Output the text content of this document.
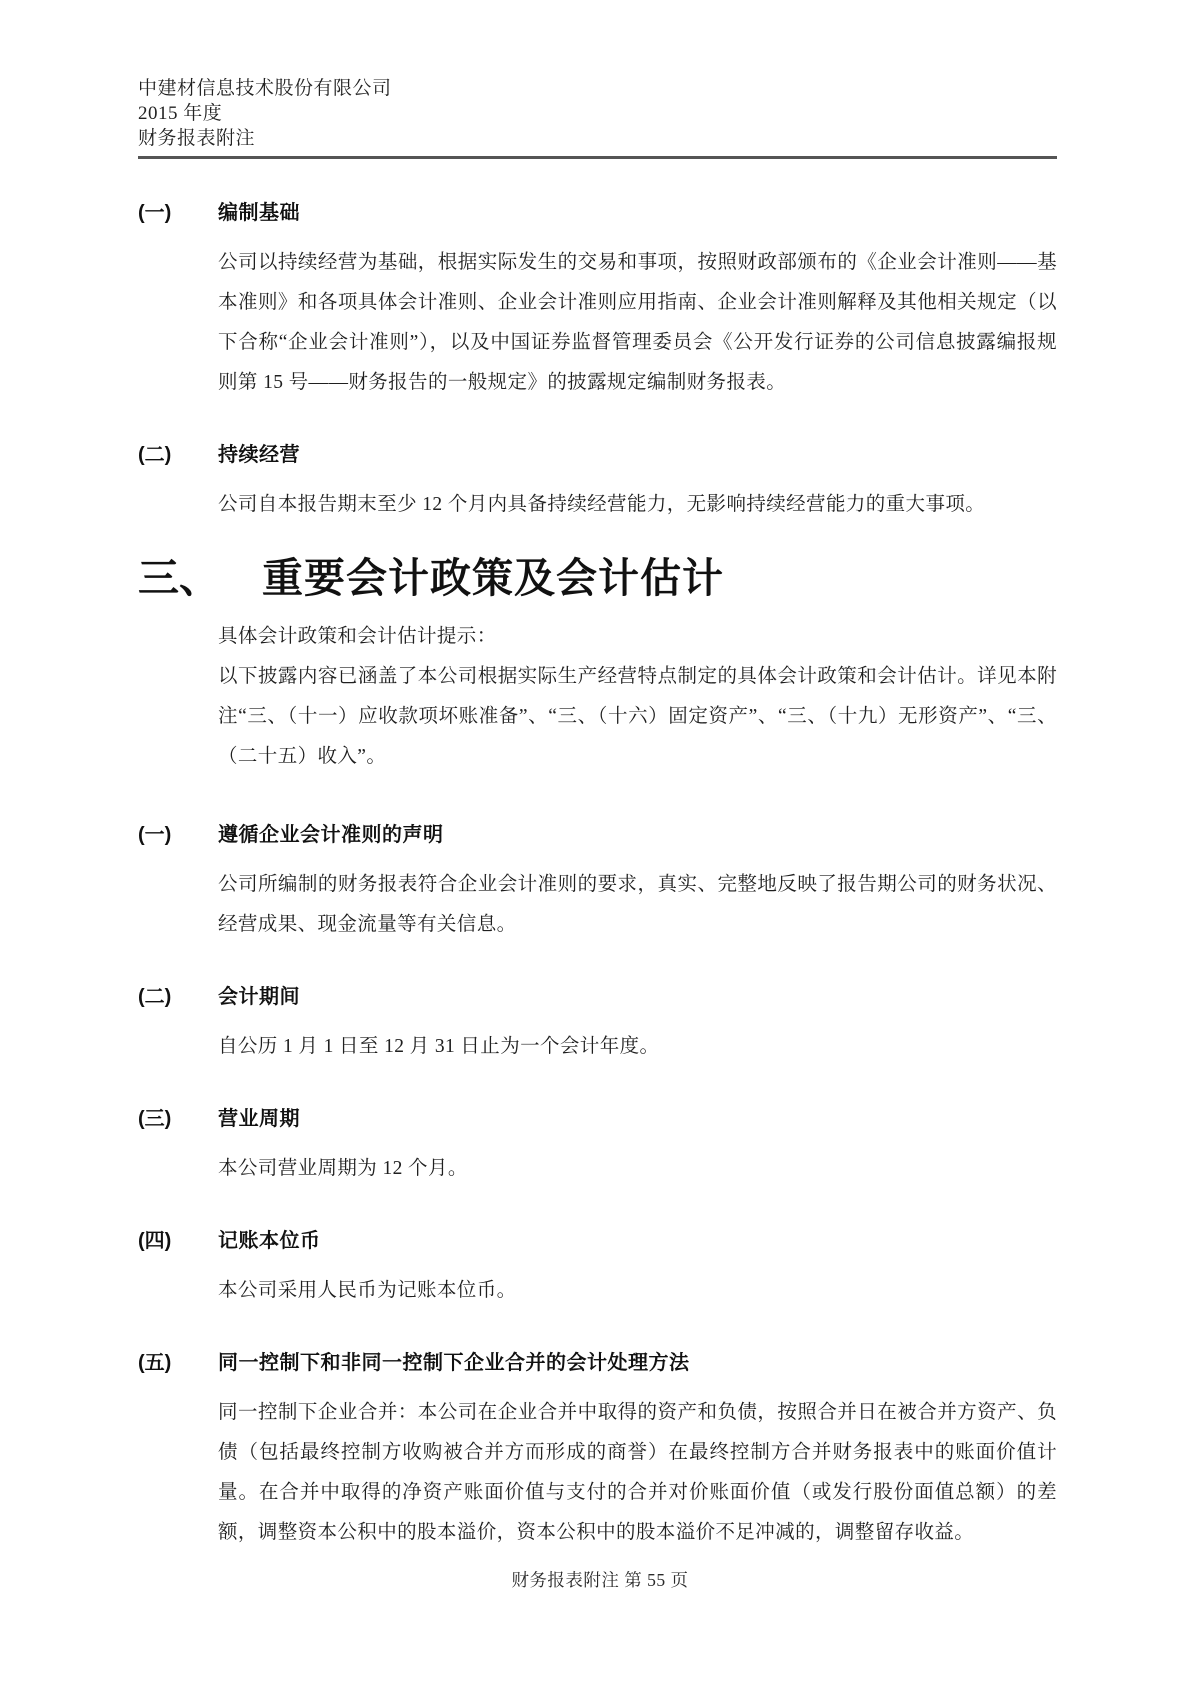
中建材信息技术股份有限公司
2015 年度
财务报表附注
(一)	编制基础

公司以持续经营为基础，根据实际发生的交易和事项，按照财政部颁布的《企业会计准则——基本准则》和各项具体会计准则、企业会计准则应用指南、企业会计准则解释及其他相关规定（以下合称“企业会计准则”），以及中国证券监督管理委员会《公开发行证券的公司信息披露编报规则第 15 号——财务报告的一般规定》的披露规定编制财务报表。

(二)	持续经营

公司自本报告期末至少 12 个月内具备持续经营能力，无影响持续经营能力的重大事项。

三、 重要会计政策及会计估计

具体会计政策和会计估计提示：

以下披露内容已涵盖了本公司根据实际生产经营特点制定的具体会计政策和会计估计。详见本附注“三、（十一）应收款项坏账准备”、“三、（十六）固定资产”、“三、（十九）无形资产”、“三、（二十五）收入”。

(一)	遵循企业会计准则的声明

公司所编制的财务报表符合企业会计准则的要求，真实、完整地反映了报告期公司的财务状况、经营成果、现金流量等有关信息。

(二)	会计期间

自公历 1 月 1 日至 12 月 31 日止为一个会计年度。

(三)	营业周期

本公司营业周期为 12 个月。

(四)	记账本位币

本公司采用人民币为记账本位币。

(五)	同一控制下和非同一控制下企业合并的会计处理方法

同一控制下企业合并：本公司在企业合并中取得的资产和负债，按照合并日在被合并方资产、负债（包括最终控制方收购被合并方而形成的商誉）在最终控制方合并财务报表中的账面价值计量。在合并中取得的净资产账面价值与支付的合并对价账面价值（或发行股份面值总额）的差额，调整资本公积中的股本溢价，资本公积中的股本溢价不足冲减的，调整留存收益。

财务报表附注 第 55 页
